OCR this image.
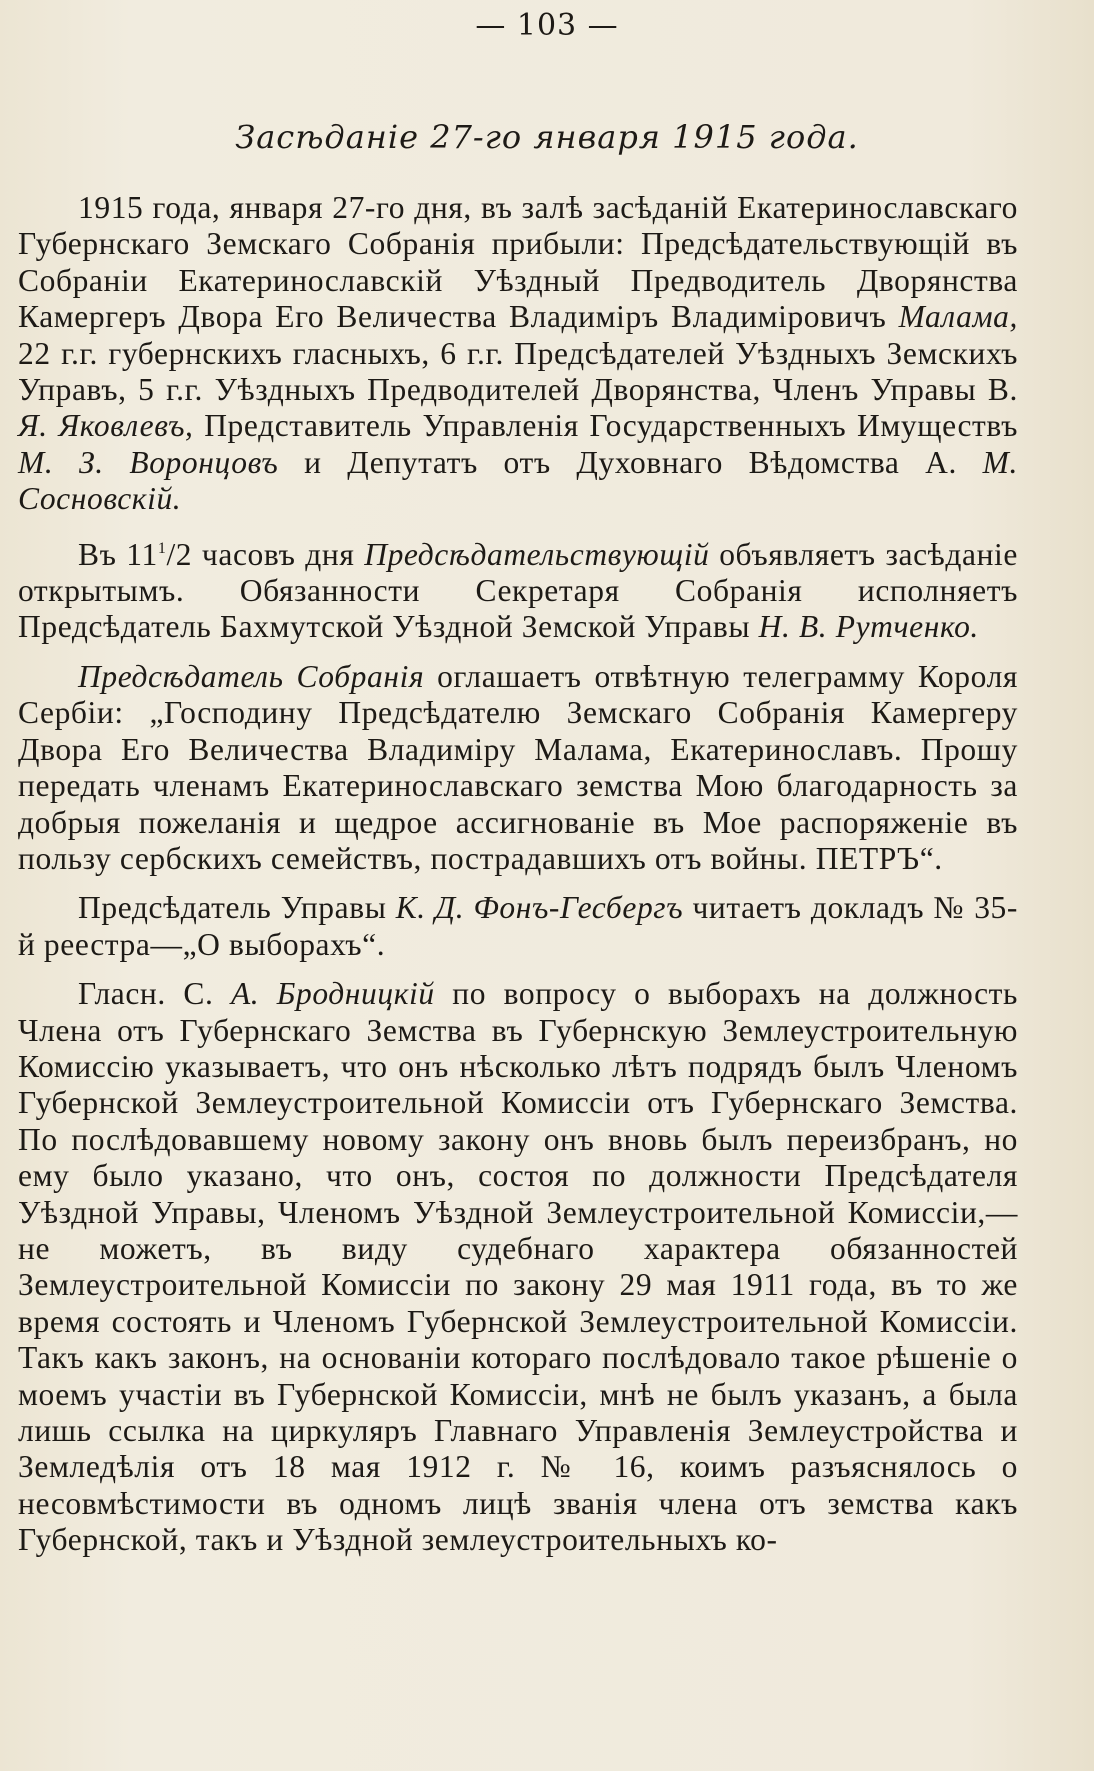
— 103 —
Засѣданіе 27-го января 1915 года.

1915 года, января 27-го дня, въ залѣ засѣданій Екатеринославскаго Губернскаго Земскаго Собранія прибыли: Предсѣдательствующій въ Собраніи Екатеринославскій Уѣздный Предводитель Дворянства Камергеръ Двора Его Величества Владиміръ Владиміровичъ Малама, 22 г.г. губернскихъ гласныхъ, 6 г.г. Предсѣдателей Уѣздныхъ Земскихъ Управъ, 5 г.г. Уѣздныхъ Предводителей Дворянства, Членъ Управы В. Я. Яковлевъ, Представитель Управленія Государственныхъ Имуществъ М. З. Воронцовъ и Депутатъ отъ Духовнаго Вѣдомства А. М. Сосновскій.

Въ $11^1/2$ часовъ дня Предсѣдательствующій объявляетъ засѣданіе открытымъ. Обязанности Секретаря Собранія исполняетъ Предсѣдатель Бахмутской Уѣздной Земской Управы Н. В. Рутченко.

Предсѣдатель Собранія оглашаетъ отвѣтную телеграмму Короля Сербіи: „Господину Предсѣдателю Земскаго Собранія Камергеру Двора Его Величества Владиміру Малама, Екатеринославъ. Прошу передать членамъ Екатеринославскаго земства Мою благодарность за добрыя пожеланія и щедрое ассигнованіе въ Мое распоряженіе въ пользу сербскихъ семействъ, пострадавшихъ отъ войны. ПЕТРЪ“.

Предсѣдатель Управы К. Д. Фонъ-Гесбергъ читаетъ докладъ № 35-й реестра—„О выборахъ“.

Гласн. С. А. Бродницкій по вопросу о выборахъ на должность Члена отъ Губернскаго Земства въ Губернскую Землеустроительную Комиссію указываетъ, что онъ нѣсколько лѣтъ подрядъ былъ Членомъ Губернской Землеустроительной Комиссіи отъ Губернскаго Земства. По послѣдовавшему новому закону онъ вновь былъ переизбранъ, но ему было указано, что онъ, состоя по должности Предсѣдателя Уѣздной Управы, Членомъ Уѣздной Землеустроительной Комиссіи,— не можетъ, въ виду судебнаго характера обязанностей Землеустроительной Комиссіи по закону 29 мая 1911 года, въ то же время состоять и Членомъ Губернской Землеустроительной Комиссіи. Такъ какъ законъ, на основаніи котораго послѣдовало такое рѣшеніе о моемъ участіи въ Губернской Комиссіи, мнѣ не былъ указанъ, а была лишь ссылка на циркуляръ Главнаго Управленія Землеустройства и Земледѣлія отъ 18 мая 1912 г. № 16, коимъ разъяснялось о несовмѣстимости въ одномъ лицѣ званія члена отъ земства какъ Губернской, такъ и Уѣздной землеустроительныхъ ко-
